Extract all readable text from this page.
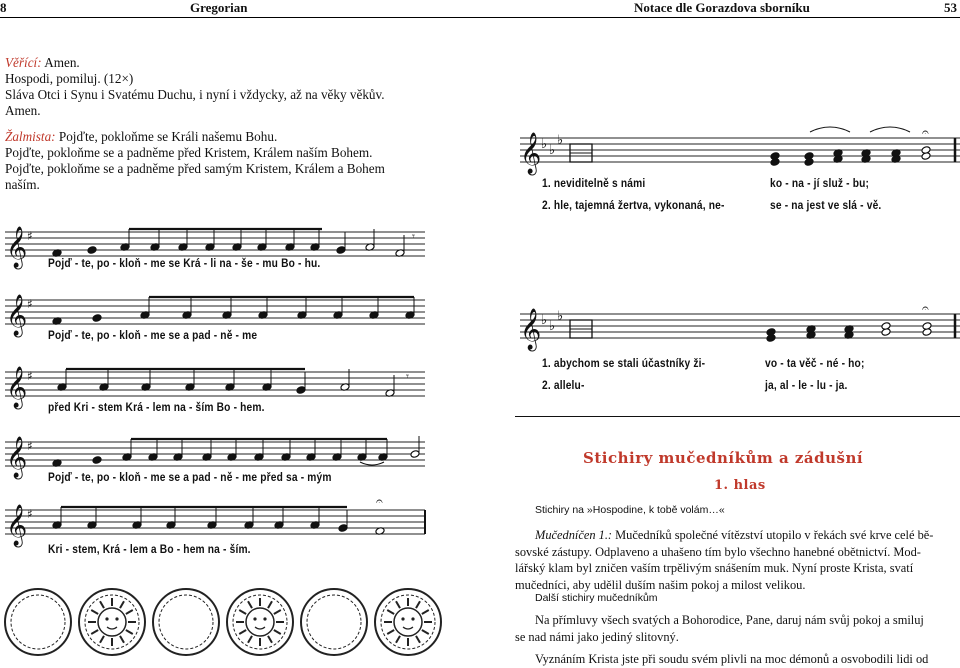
8	Gregorian	Notace dle Gorazdova sborníku	53
Věřící: Amen.
Hospodi, pomiluj. (12×)
Sláva Otci i Synu i Svatému Duchu, i nyní i vždycky, až na věky věkův.
Amen.
Žalmista: Pojďte, pokloňme se Králi našemu Bohu.
Pojďte, pokloňme se a padněme před Kristem, Králem naším Bohem.
Pojďte, pokloňme se a padněme před samým Kristem, Králem a Bohem
naším.
𝄞 ♯	𝄾
Pojď - te, po - kloň - me se Krá - li na - še - mu Bo - hu.
𝄞 ♯
Pojď - te, po - kloň - me se a pad - ně - me
𝄞 ♯	𝄾
před Kri - stem Krá - lem na - ším Bo - hem.
𝄞 ♯
Pojď - te, po - kloň - me se a pad - ně - me před sa - mým
𝄞 ♯
𝄐
Kri - stem, Krá - lem a Bo - hem na - ším.
𝄞 ♭ ♭
♭	𝄐
1. neviditelně s námi	ko - na - jí služ - bu;
2. hle, tajemná žertva, vykonaná, ne-	se - na jest ve slá - vě.
𝄞 ♭ ♭
♭	𝄐
1. abychom se stali účastníky ži-	vo - ta věč - né - ho;
2. allelu-	ja, al - le - lu - ja.
Stichiry mučedníkům a zádušní
1. hlas
Stichiry na »Hospodine, k tobě volám…«
Mučedníčen 1.: Mučedníků společné vítězství utopilo v řekách své krve celé bě-
sovské zástupy. Odplaveno a uhašeno tím bylo všechno hanebné obětnictví. Mod-
lářský klam byl zničen vaším trpělivým snášením muk. Nyní proste Krista, svatí
mučedníci, aby udělil duším našim pokoj a milost velikou.
Další stichiry mučedníkům
Na přímluvy všech svatých a Bohorodice, Pane, daruj nám svůj pokoj a smiluj
se nad námi jako jediný slitovný.
Vyznáním Krista jste při soudu svém plivli na moc démonů a osvobodili lidi od
